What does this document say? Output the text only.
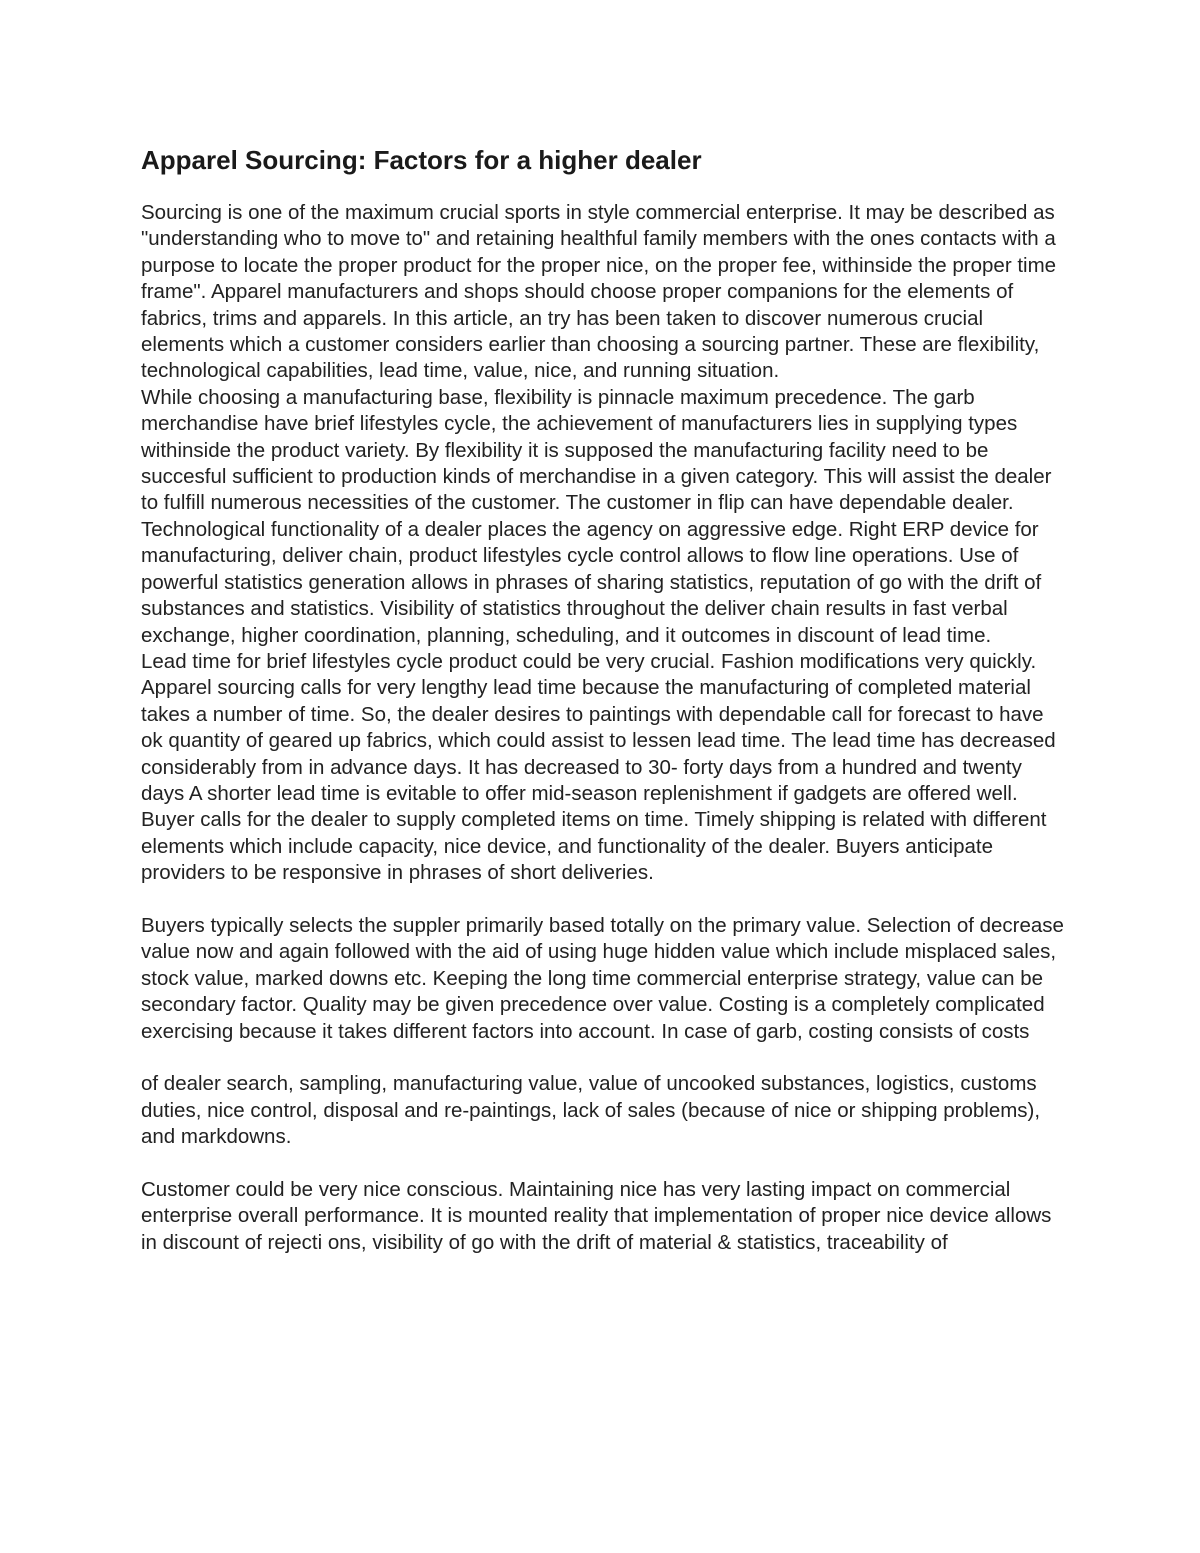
Apparel Sourcing: Factors for a higher dealer

Sourcing is one of the maximum crucial sports in style commercial enterprise. It may be described as "understanding who to move to" and retaining healthful family members with the ones contacts with a purpose to locate the proper product for the proper nice, on the proper fee, withinside the proper time frame". Apparel manufacturers and shops should choose proper companions for the elements of fabrics, trims and apparels. In this article, an try has been taken to discover numerous crucial elements which a customer considers earlier than choosing a sourcing partner. These are flexibility, technological capabilities, lead time, value, nice, and running situation.

While choosing a manufacturing base, flexibility is pinnacle maximum precedence. The garb merchandise have brief lifestyles cycle, the achievement of manufacturers lies in supplying types withinside the product variety. By flexibility it is supposed the manufacturing facility need to be succesful sufficient to production kinds of merchandise in a given category. This will assist the dealer to fulfill numerous necessities of the customer. The customer in flip can have dependable dealer.

Technological functionality of a dealer places the agency on aggressive edge. Right ERP device for manufacturing, deliver chain, product lifestyles cycle control allows to flow line operations. Use of powerful statistics generation allows in phrases of sharing statistics, reputation of go with the drift of substances and statistics. Visibility of statistics throughout the deliver chain results in fast verbal exchange, higher coordination, planning, scheduling, and it outcomes in discount of lead time.

Lead time for brief lifestyles cycle product could be very crucial. Fashion modifications very quickly. Apparel sourcing calls for very lengthy lead time because the manufacturing of completed material takes a number of time. So, the dealer desires to paintings with dependable call for forecast to have ok quantity of geared up fabrics, which could assist to lessen lead time. The lead time has decreased considerably from in advance days. It has decreased to 30- forty days from a hundred and twenty days A shorter lead time is evitable to offer mid-season replenishment if gadgets are offered well. Buyer calls for the dealer to supply completed items on time. Timely shipping is related with different elements which include capacity, nice device, and functionality of the dealer. Buyers anticipate providers to be responsive in phrases of short deliveries.

Buyers typically selects the suppler primarily based totally on the primary value. Selection of decrease value now and again followed with the aid of using huge hidden value which include misplaced sales, stock value, marked downs etc. Keeping the long time commercial enterprise strategy, value can be secondary factor. Quality may be given precedence over value. Costing is a completely complicated exercising because it takes different factors into account. In case of garb, costing consists of costs

of dealer search, sampling, manufacturing value, value of uncooked substances, logistics, customs duties, nice control, disposal and re-paintings, lack of sales (because of nice or shipping problems), and markdowns.

Customer could be very nice conscious. Maintaining nice has very lasting impact on commercial enterprise overall performance. It is mounted reality that implementation of proper nice device allows in discount of rejecti ons, visibility of go with the drift of material & statistics, traceability of
